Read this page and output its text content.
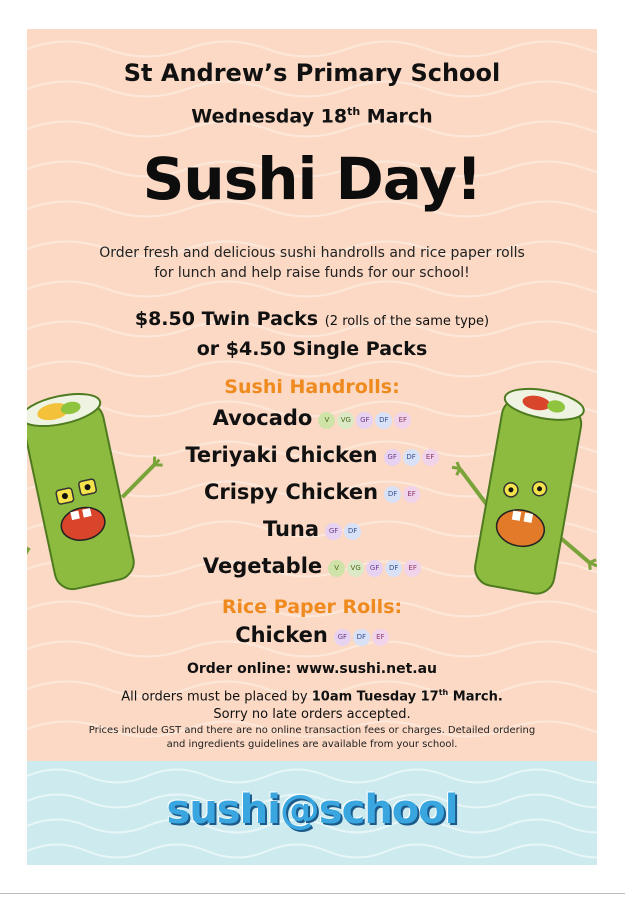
St Andrew’s Primary School
Wednesday 18th March
Sushi Day!
Order fresh and delicious sushi handrolls and rice paper rolls
for lunch and help raise funds for our school!
$8.50 Twin Packs (2 rolls of the same type)
or $4.50 Single Packs
Sushi Handrolls:
Avocado V VG GF DF EF
Teriyaki Chicken GF DF EF
Crispy Chicken DF EF
Tuna GF DF
Vegetable V VG GF DF EF
Rice Paper Rolls:
Chicken GF DF EF
Order online: www.sushi.net.au
All orders must be placed by 10am Tuesday 17th March.
Sorry no late orders accepted.
Prices include GST and there are no online transaction fees or charges. Detailed ordering
and ingredients guidelines are available from your school.
sushi@school
